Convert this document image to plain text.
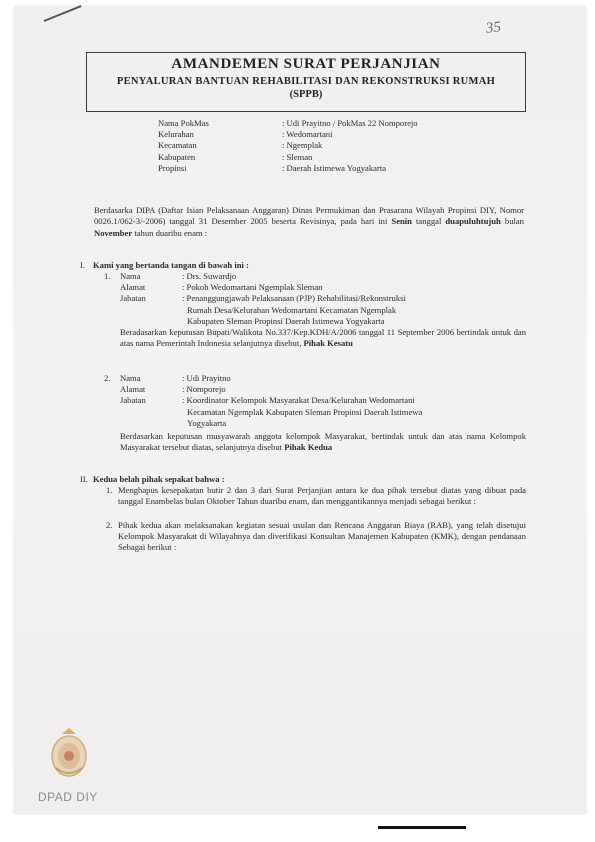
35
AMANDEMEN SURAT PERJANJIAN
PENYALURAN BANTUAN REHABILITASI DAN REKONSTRUKSI RUMAH
(SPPB)
Nama PokMas	: Udi Prayitno / PokMas 22 Nomporejo
Kelurahan	: Wedomartani
Kecamatan	: Ngemplak
Kabupaten	: Sleman
Propinsi	: Daerah Istimewa Yogyakarta
Berdasarka DIPA (Daftar Isian Pelaksanaan Anggaran) Dinas Permukiman dan Prasarana Wilayah Propinsi DIY, Nomor 0026.1/062-3/-2006) tanggal 31 Desember 2005 beserta Revisinya, pada hari ini Senin tanggal duapuluhtujuh bulan November tahun duaribu enam :
I. Kami yang bertanda tangan di bawah ini :
1. Nama	: Drs. Suwardjo
Alamat	: Pokoh Wedomartani Ngemplak Sleman
Jabatan	: Penanggungjawab Pelaksanaan (PJP) Rehabilitasi/Rekonstruksi
Rumah Desa/Kelurahan Wedomartani Kecamatan Ngemplak
Kabupaten Sleman Propinsi Daerah Istimewa Yogyakarta
Beradasarkan keputusan Bupati/Walikota No.337/Kep.KDH/A/2006 tanggal 11 September 2006 bertindak untuk dan atas nama Pemerintah Indonesia selanjutnya disebut, Pihak Kesatu
2. Nama	: Udi Prayitno
Alamat	: Nomporejo
Jabatan	: Koordinator Kelompok Masyarakat Desa/Kelurahan Wedomartani
Kecamatan Ngemplak Kabupaten Sleman Propinsi Daerah Istimewa
Yogyakarta
Berdasarkan keputusan musyawarah anggota kelompok Masyarakat, bertindak untuk dan atas nama Kelompok Masyarakat tersebut diatas, selanjutnya disebut Pihak Kedua
II. Kedua belah pihak sepakat bahwa :
1. Menghapus kesepakatan butir 2 dan 3 dari Surat Perjanjian antara ke dua pihak tersebut diatas yang dibuat pada tanggal Enambelas bulan Oktober Tahun duaribu enam, dan menggantikannya menjadi sebagai berikut :
2. Pihak kedua akan melaksanakan kegiatan sesuai usulan dan Rencana Anggaran Biaya (RAB), yang telah disetujui Kelompok Masyarakat di Wilayahnya dan diverifikasi Konsultan Manajemen Kabupaten (KMK), dengan pendanaan Sebagai berikut :
DPAD DIY
